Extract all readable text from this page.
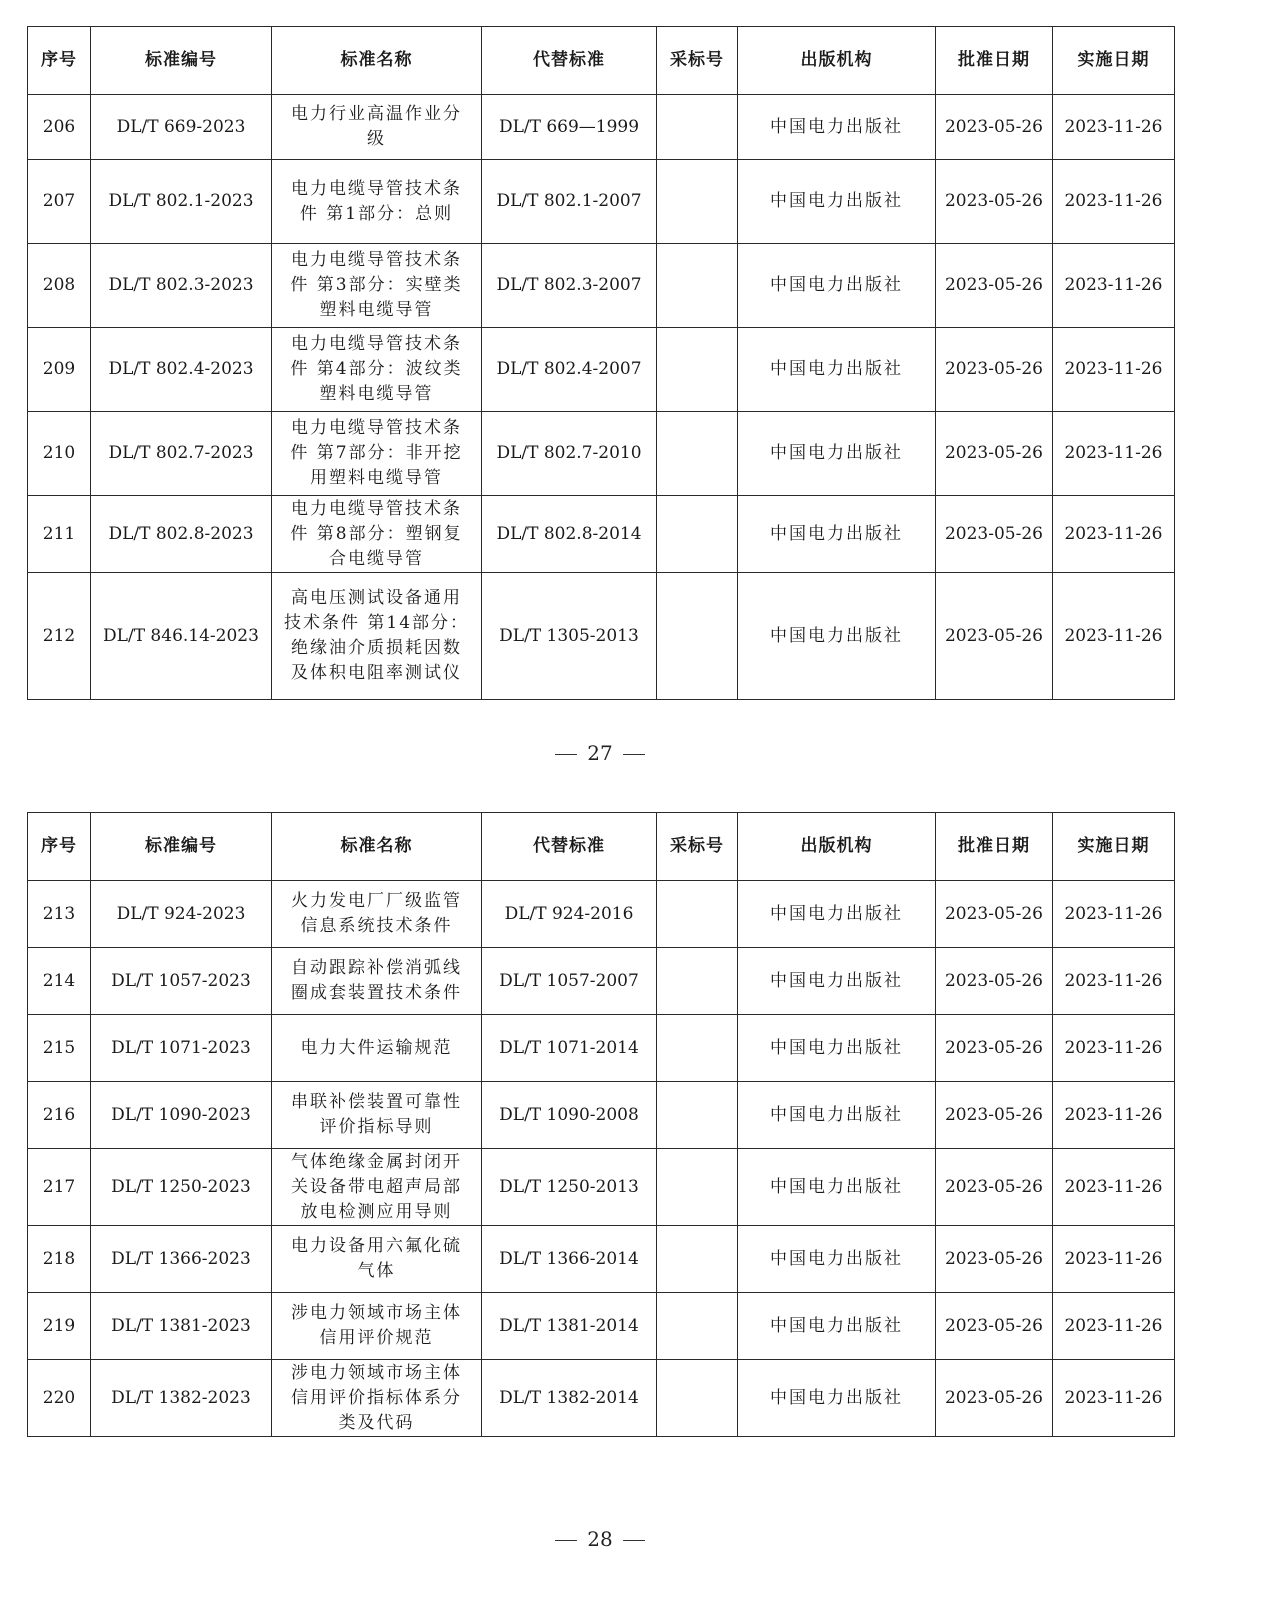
序号	标准编号	标准名称	代替标准	采标号	出版机构	批准日期	实施日期
206	DL/T 669-2023	电力行业高温作业分级	DL/T 669—1999		中国电力出版社	2023-05-26	2023-11-26
207	DL/T 802.1-2023	电力电缆导管技术条件 第1部分：总则	DL/T 802.1-2007		中国电力出版社	2023-05-26	2023-11-26
208	DL/T 802.3-2023	电力电缆导管技术条件 第3部分：实壁类塑料电缆导管	DL/T 802.3-2007		中国电力出版社	2023-05-26	2023-11-26
209	DL/T 802.4-2023	电力电缆导管技术条件 第4部分：波纹类塑料电缆导管	DL/T 802.4-2007		中国电力出版社	2023-05-26	2023-11-26
210	DL/T 802.7-2023	电力电缆导管技术条件 第7部分：非开挖用塑料电缆导管	DL/T 802.7-2010		中国电力出版社	2023-05-26	2023-11-26
211	DL/T 802.8-2023	电力电缆导管技术条件 第8部分：塑钢复合电缆导管	DL/T 802.8-2014		中国电力出版社	2023-05-26	2023-11-26
212	DL/T 846.14-2023	高电压测试设备通用技术条件 第14部分：绝缘油介质损耗因数及体积电阻率测试仪	DL/T 1305-2013		中国电力出版社	2023-05-26	2023-11-26
27
序号	标准编号	标准名称	代替标准	采标号	出版机构	批准日期	实施日期
213	DL/T 924-2023	火力发电厂厂级监管信息系统技术条件	DL/T 924-2016		中国电力出版社	2023-05-26	2023-11-26
214	DL/T 1057-2023	自动跟踪补偿消弧线圈成套装置技术条件	DL/T 1057-2007		中国电力出版社	2023-05-26	2023-11-26
215	DL/T 1071-2023	电力大件运输规范	DL/T 1071-2014		中国电力出版社	2023-05-26	2023-11-26
216	DL/T 1090-2023	串联补偿装置可靠性评价指标导则	DL/T 1090-2008		中国电力出版社	2023-05-26	2023-11-26
217	DL/T 1250-2023	气体绝缘金属封闭开关设备带电超声局部放电检测应用导则	DL/T 1250-2013		中国电力出版社	2023-05-26	2023-11-26
218	DL/T 1366-2023	电力设备用六氟化硫气体	DL/T 1366-2014		中国电力出版社	2023-05-26	2023-11-26
219	DL/T 1381-2023	涉电力领域市场主体信用评价规范	DL/T 1381-2014		中国电力出版社	2023-05-26	2023-11-26
220	DL/T 1382-2023	涉电力领域市场主体信用评价指标体系分类及代码	DL/T 1382-2014		中国电力出版社	2023-05-26	2023-11-26
28
